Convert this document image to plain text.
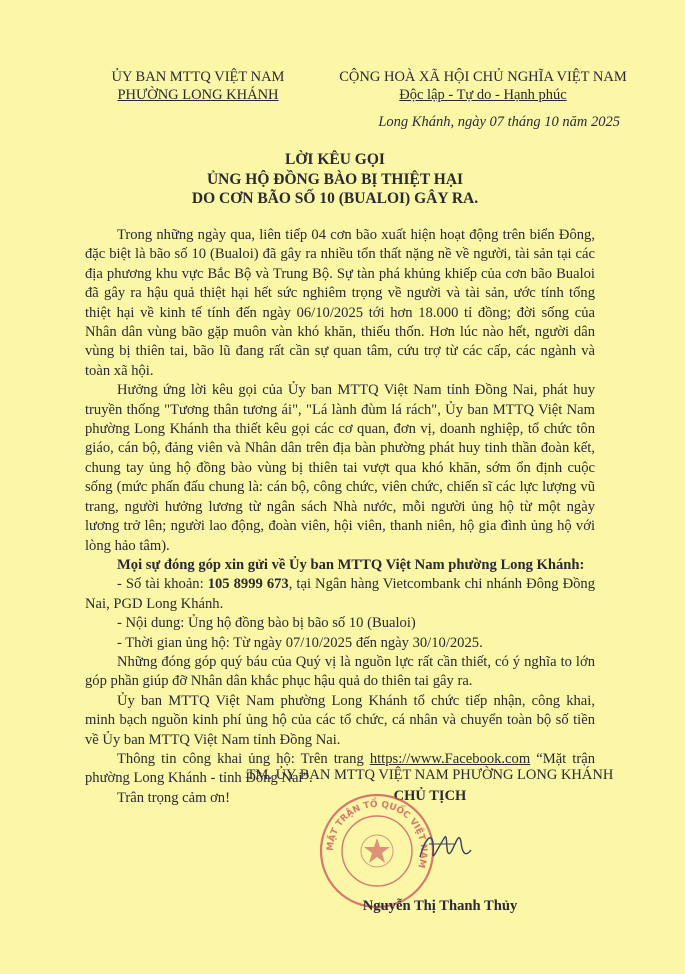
ỦY BAN MTTQ VIỆT NAM
PHƯỜNG LONG KHÁNH
CỘNG HOÀ XÃ HỘI CHỦ NGHĨA VIỆT NAM
Độc lập - Tự do - Hạnh phúc
Long Khánh, ngày 07 tháng 10 năm 2025
LỜI KÊU GỌI
ỦNG HỘ ĐỒNG BÀO BỊ THIỆT HẠI
DO CƠN BÃO SỐ 10 (BUALOI) GÂY RA.

Trong những ngày qua, liên tiếp 04 cơn bão xuất hiện hoạt động trên biển Đông, đặc biệt là bão số 10 (Bualoi) đã gây ra nhiều tổn thất nặng nề về người, tài sản tại các địa phương khu vực Bắc Bộ và Trung Bộ. Sự tàn phá khủng khiếp của cơn bão Bualoi đã gây ra hậu quả thiệt hại hết sức nghiêm trọng về người và tài sản, ước tính tổng thiệt hại về kinh tế tính đến ngày 06/10/2025 tới hơn 18.000 tỉ đồng; đời sống của Nhân dân vùng bão gặp muôn vàn khó khăn, thiếu thốn. Hơn lúc nào hết, người dân vùng bị thiên tai, bão lũ đang rất cần sự quan tâm, cứu trợ từ các cấp, các ngành và toàn xã hội.

Hưởng ứng lời kêu gọi của Ủy ban MTTQ Việt Nam tỉnh Đồng Nai, phát huy truyền thống "Tương thân tương ái", "Lá lành đùm lá rách", Ủy ban MTTQ Việt Nam phường Long Khánh tha thiết kêu gọi các cơ quan, đơn vị, doanh nghiệp, tổ chức tôn giáo, cán bộ, đảng viên và Nhân dân trên địa bàn phường phát huy tinh thần đoàn kết, chung tay ủng hộ đồng bào vùng bị thiên tai vượt qua khó khăn, sớm ổn định cuộc sống (mức phấn đấu chung là: cán bộ, công chức, viên chức, chiến sĩ các lực lượng vũ trang, người hưởng lương từ ngân sách Nhà nước, mỗi người ủng hộ từ một ngày lương trở lên; người lao động, đoàn viên, hội viên, thanh niên, hộ gia đình ủng hộ với lòng hảo tâm).

Mọi sự đóng góp xin gửi về Ủy ban MTTQ Việt Nam phường Long Khánh:

- Số tài khoản: 105 8999 673, tại Ngân hàng Vietcombank chi nhánh Đông Đồng Nai, PGD Long Khánh.

- Nội dung: Ủng hộ đồng bào bị bão số 10 (Bualoi)

- Thời gian ủng hộ: Từ ngày 07/10/2025 đến ngày 30/10/2025.

Những đóng góp quý báu của Quý vị là nguồn lực rất cần thiết, có ý nghĩa to lớn góp phần giúp đỡ Nhân dân khắc phục hậu quả do thiên tai gây ra.

Ủy ban MTTQ Việt Nam phường Long Khánh tổ chức tiếp nhận, công khai, minh bạch nguồn kinh phí ủng hộ của các tổ chức, cá nhân và chuyển toàn bộ số tiền về Ủy ban MTTQ Việt Nam tỉnh Đồng Nai.

Thông tin công khai ủng hộ: Trên trang https://www.Facebook.com “Mặt trận phường Long Khánh - tỉnh Đồng Nai”.

Trân trọng cảm ơn!

TM. ỦY BAN MTTQ VIỆT NAM PHƯỜNG LONG KHÁNH
CHỦ TỊCH
MẶT TRẬN TỔ QUỐC VIỆT NAM
Nguyễn Thị Thanh Thủy
